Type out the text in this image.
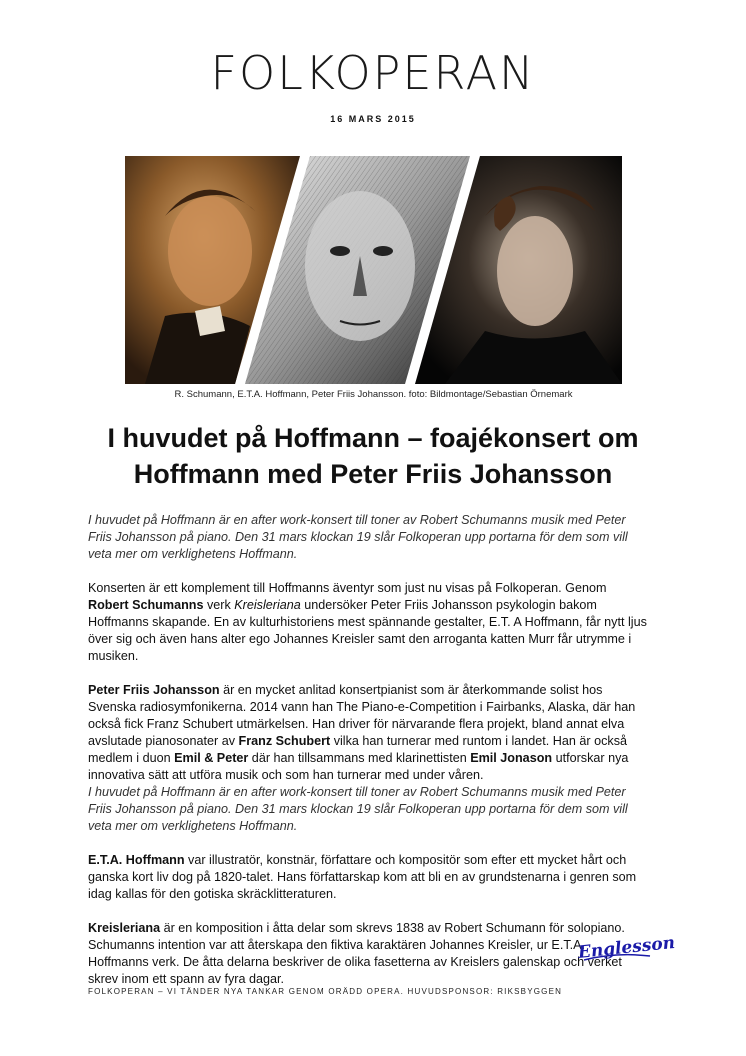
FOLKOPERAN
16 MARS 2015
R. Schumann, E.T.A. Hoffmann, Peter Friis Johansson. foto: Bildmontage/Sebastian Örnemark
I huvudet på Hoffmann – foajékonsert om
Hoffmann med Peter Friis Johansson

I huvudet på Hoffmann är en after work-konsert till toner av Robert Schumanns musik med Peter Friis Johansson på piano. Den 31 mars klockan 19 slår Folkoperan upp portarna för dem som vill veta mer om verklighetens Hoffmann.

Konserten är ett komplement till Hoffmanns äventyr som just nu visas på Folkoperan. Genom Robert Schumanns verk Kreisleriana undersöker Peter Friis Johansson psykologin bakom Hoffmanns skapande. En av kulturhistoriens mest spännande gestalter, E.T. A Hoffmann, får nytt ljus över sig och även hans alter ego Johannes Kreisler samt den arroganta katten Murr får utrymme i musiken.

Peter Friis Johansson är en mycket anlitad konsertpianist som är återkommande solist hos Svenska radiosymfonikerna. 2014 vann han The Piano-e-Competition i Fairbanks, Alaska, där han också fick Franz Schubert utmärkelsen. Han driver för närvarande flera projekt, bland annat elva avslutade pianosonater av Franz Schubert vilka han turnerar med runtom i landet. Han är också medlem i duon Emil & Peter där han tillsammans med klarinettisten Emil Jonason utforskar nya innovativa sätt att utföra musik och som han turnerar med under våren.
I huvudet på Hoffmann är en after work-konsert till toner av Robert Schumanns musik med Peter Friis Johansson på piano. Den 31 mars klockan 19 slår Folkoperan upp portarna för dem som vill veta mer om verklighetens Hoffmann.

E.T.A. Hoffmann var illustratör, konstnär, författare och kompositör som efter ett mycket hårt och ganska kort liv dog på 1820-talet. Hans författarskap kom att bli en av grundstenarna i genren som idag kallas för den gotiska skräcklitteraturen.

Kreisleriana är en komposition i åtta delar som skrevs 1838 av Robert Schumann för solopiano. Schumanns intention var att återskapa den fiktiva karaktären Johannes Kreisler, ur E.T.A. Hoffmanns verk. De åtta delarna beskriver de olika fasetterna av Kreislers galenskap och verket skrev inom ett spann av fyra dagar.

Englesson
FOLKOPERAN – VI TÄNDER NYA TANKAR GENOM ORÄDD OPERA. HUVUDSPONSOR: RIKSBYGGEN
